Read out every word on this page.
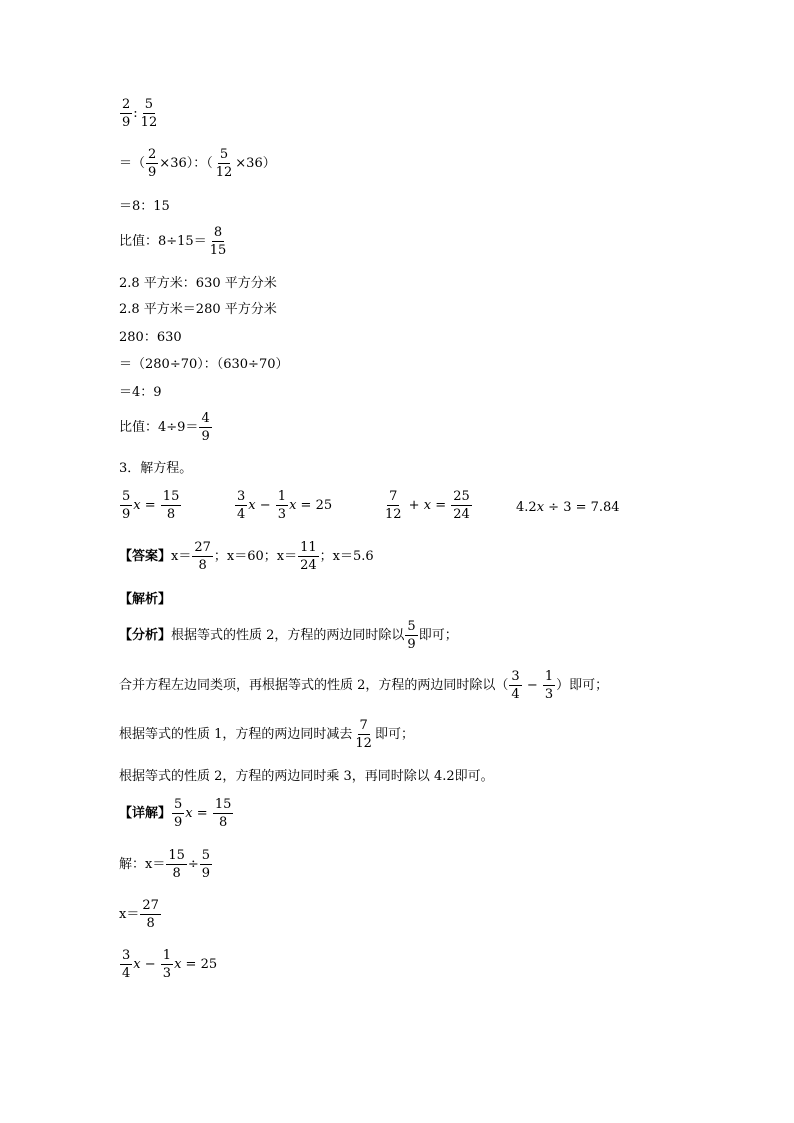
$\frac{2}{9}$ : $\frac{5}{12}$
＝（ $\frac{2}{9} \times 36$）：（ $\frac{5}{12} \times 36$）
＝8：15
比值：$8\div 15= \frac{8}{15}$
2.8 平方米：630 平方分米
2.8 平方米＝280 平方分米
280：630
＝（280÷70）：（630÷70）
＝4：9
比值：$4\div 9= \frac{4}{9}$
3．解方程。
$\frac{5}{9}$ $x = \frac{15}{8}$	$\frac{3}{4}$ $x - \frac{1}{3}$ x = 25	$\frac{7}{12} + x = \frac{25}{24}$	4.2 x ÷ 3 = 7.84
【答案】 $x= \frac{27}{8}$ ；x＝60；$x= \frac{11}{24}$ ；x＝5.6
【解析】
【分析】 根据等式的性质 2，方程的两边同时除以 $\frac{5}{9}$ 即可；
合并方程左边同类项，再根据等式的性质 2，方程的两边同时除以（ $\frac{3}{4} - \frac{1}{3}$ ）即可；
根据等式的性质 1，方程的两边同时减去 $\frac{7}{12}$ 即可；
根据等式的性质 2，方程的两边同时乘 3，再同时除以 4.2即可。
【详解】 $\frac{5}{9}$ $x = \frac{15}{8}$
解：$x= \frac{15}{8} \div \frac{5}{9}$
$x= \frac{27}{8}$
$\frac{3}{4}$ $x - \frac{1}{3}$ x = 25
